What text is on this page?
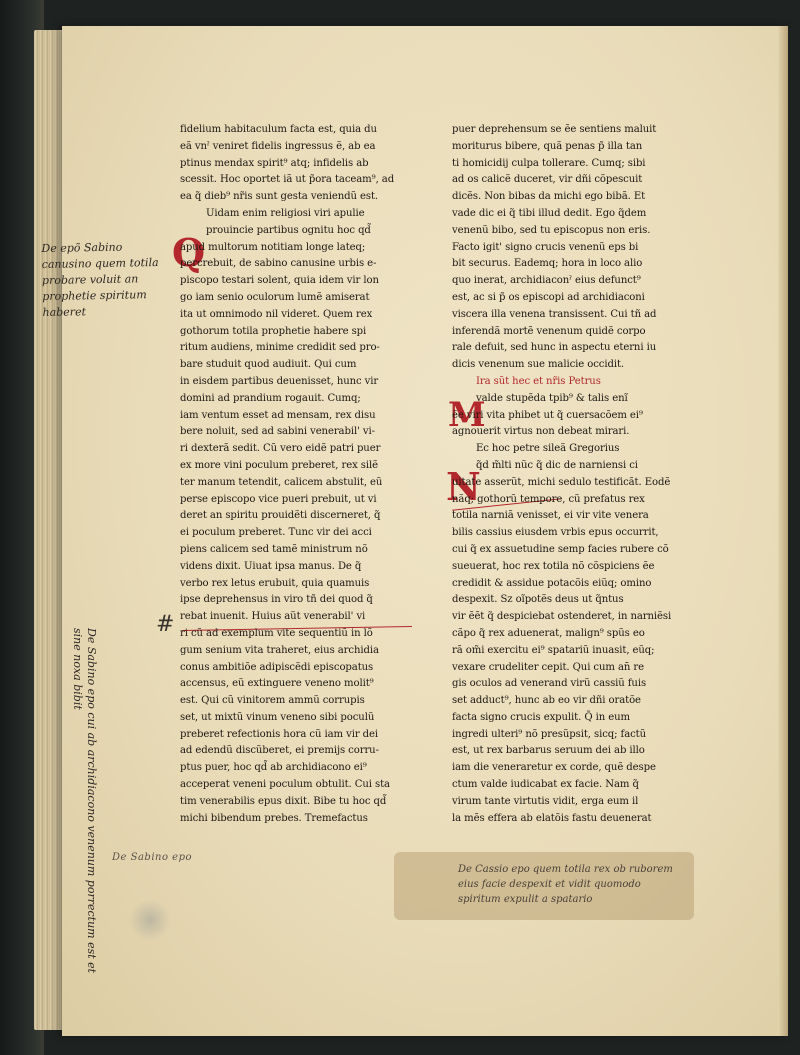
De epõ Sabino canusino quem totila probare voluit an prophetie spiritum haberet
De Sabino epo cui ab archidiacono venenum porrectum est et sine noxa bibit
De Sabino epo
De Cassio epo quem totila rex ob ruborem eius facie despexit et vidit quomodo spiritum expulit a spatario
#
Q
M
N
fidelium habitaculum facta est, quia du
eã vnˀ veniret fidelis ingressus ẽ, ab ea
ptinus mendax spirit⁹ atq; infidelis ab
scessit. Hoc oportet iã ut p̃ora taceam⁹, ad
ea q̃ dieb⁹ nr̃is sunt gesta veniendũ est.
Uidam enim religiosi viri apulie
prouincie partibus ognitu hoc qd̃
apud multorum notitiam longe lateq;
percrebuit, de sabino canusine urbis e-
piscopo testari solent, quia idem vir lon
go iam senio oculorum lumẽ amiserat
ita ut omnimodo nil videret. Quem rex
gothorum totila prophetie habere spi
ritum audiens, minime credidit sed pro-
bare studuit quod audiuit. Qui cum
in eisdem partibus deuenisset, hunc vir
domini ad prandium rogauit. Cumq;
iam ventum esset ad mensam, rex disu
bere noluit, sed ad sabini venerabil' vi-
ri dexterã sedit. Cũ vero eidẽ patri puer
ex more vini poculum preberet, rex silẽ
ter manum tetendit, calicem abstulit, eũ
perse episcopo vice pueri prebuit, ut vi
deret an spiritu prouidẽti discerneret, q̃
ei poculum preberet. Tunc vir dei acci
piens calicem sed tamẽ ministrum nõ
videns dixit. Uiuat ipsa manus. De q̃
verbo rex letus erubuit, quia quamuis
ipse deprehensus in viro tñ dei quod q̃
rebat inuenit. Huius aũt venerabil' vi
ri cũ ad exemplum vite sequentiũ in lõ
gum senium vita traheret, eius archidia
conus ambitiõe adipiscẽdi episcopatus
accensus, eũ extinguere veneno molit⁹
est. Qui cũ vinitorem ammũ corrupis
set, ut mixtũ vinum veneno sibi poculũ
preberet refectionis hora cũ iam vir dei
ad edendũ discũberet, ei premijs corru-
ptus puer, hoc qd̃ ab archidiacono ei⁹
acceperat veneni poculum obtulit. Cui sta
tim venerabilis epus dixit. Bibe tu hoc qd̃
michi bibendum prebes. Tremefactus
puer deprehensum se ẽe sentiens maluit
moriturus bibere, quã penas p̃ illa tan
ti homicidij culpa tollerare. Cumq; sibi
ad os calicẽ duceret, vir dñi cõpescuit
dicẽs. Non bibas da michi ego bibã. Et
vade dic ei q̃ tibi illud dedit. Ego q̃dem
venenũ bibo, sed tu episcopus non eris.
Facto igit' signo crucis venenũ eps bi
bit securus. Eademq; hora in loco alio
quo inerat, archidiaconˀ eius defunct⁹
est, ac si p̃ os episcopi ad archidiaconi
viscera illa venena transissent. Cui tñ ad
inferendã mortẽ venenum quidẽ corpo
rale defuit, sed hunc in aspectu eterni iu
dicis venenum sue malicie occidit.
Ira sũt hec et nr̃is Petrus
valde stupẽda tpib⁹ & talis enĩ
ẽe viri vita phibet ut q̃ cuersacõem ei⁹
agnouerit virtus non debeat mirari.
Ec hoc petre sileã Gregorius
q̃d m̃lti nũc q̃ dic de narniensi ci
uitate asserũt, michi sedulo testificãt. Eodẽ
nãq; gothorũ tempore, cũ prefatus rex
totila narniã venisset, ei vir vite venera
bilis cassius eiusdem vrbis epus occurrit,
cui q̃ ex assuetudine semp facies rubere cõ
sueuerat, hoc rex totila nõ cõspiciens ẽe
credidit & assidue potacõis eiũq; omino
despexit. Sz oĩpotẽs deus ut q̃ntus
vir ẽẽt q̃ despiciebat ostenderet, in narniẽsi
cãpo q̃ rex aduenerat, malign⁹ spũs eo
rã om̃i exercitu ei⁹ spatariũ inuasit, eũq;
vexare crudeliter cepit. Qui cum an̄ re
gis oculos ad venerand virũ cassiũ fuis
set adduct⁹, hunc ab eo vir dñi oratõe
facta signo crucis expulit. Q̃ in eum
ingredi ulteri⁹ nõ presũpsit, sicq; factũ
est, ut rex barbarus seruum dei ab illo
iam die veneraretur ex corde, quẽ despe
ctum valde iudicabat ex facie. Nam q̃
virum tante virtutis vidit, erga eum il
la mẽs effera ab elatõis fastu deuenerat
